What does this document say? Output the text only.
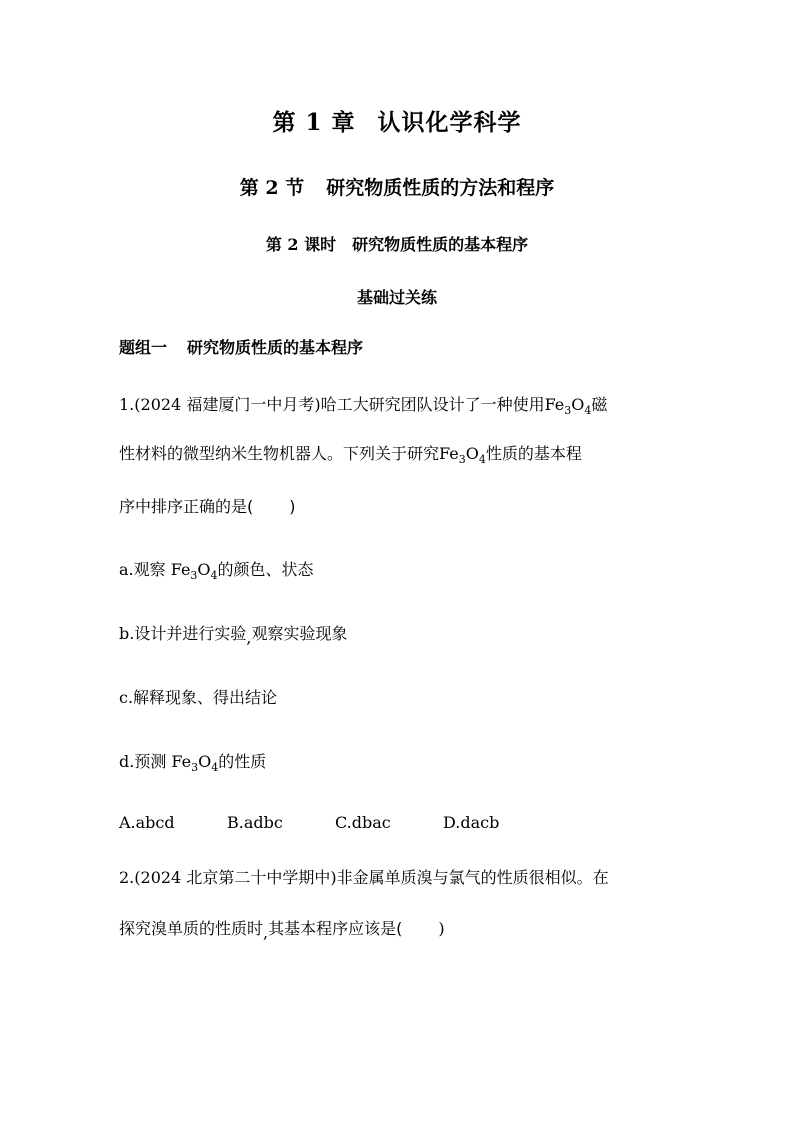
第 1 章 认识化学科学
第 2 节 研究物质性质的方法和程序
第 2 课时 研究物质性质的基本程序
基础过关练
题组一 研究物质性质的基本程序
1.(2024 福建厦门一中月考)哈工大研究团队设计了一种使用$Fe_3O_4$磁
性材料的微型纳米生物机器人。下列关于研究$Fe_3O_4$性质的基本程
序中排序正确的是( )
a.观察 $Fe_3O_4$的颜色、状态
b.设计并进行实验,观察实验现象
c.解释现象、得出结论
d.预测 $Fe_3O_4$的性质
A.abcd	B.adbc	C.dbac	D.dacb
2.(2024 北京第二十中学期中)非金属单质溴与氯气的性质很相似。在
探究溴单质的性质时,其基本程序应该是( )
